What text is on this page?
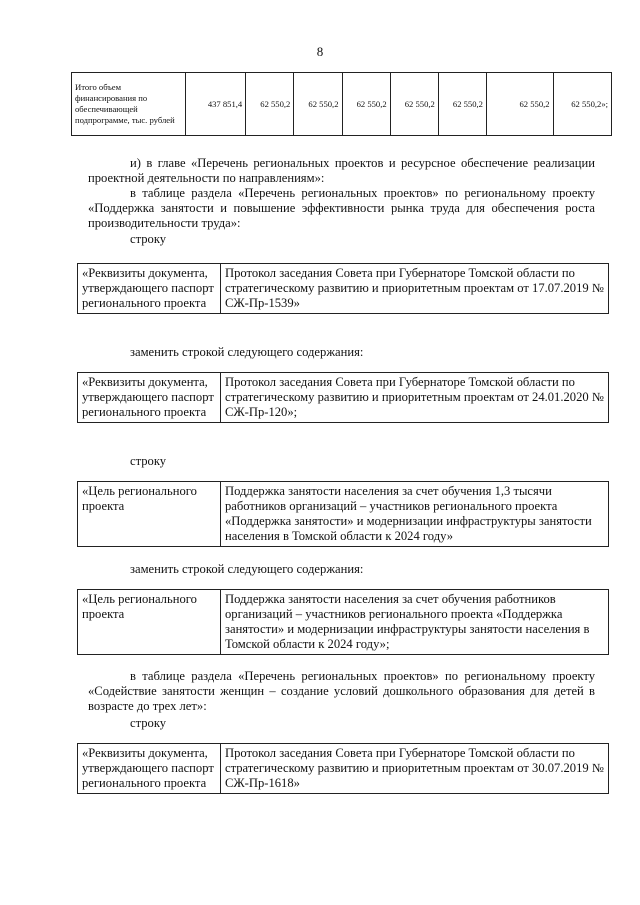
8
Итого объем финансирования по обеспечивающей подпрограмме, тыс. рублей	437 851,4	62 550,2	62 550,2	62 550,2	62 550,2	62 550,2	62 550,2	62 550,2»;
и) в главе «Перечень региональных проектов и ресурсное обеспечение реализации проектной деятельности по направлениям»:
в таблице раздела «Перечень региональных проектов» по региональному проекту «Поддержка занятости и повышение эффективности рынка труда для обеспечения роста производительности труда»:
строку
«Реквизиты документа, утверждающего паспорт регионального проекта	Протокол заседания Совета при Губернаторе Томской области по стратегическому развитию и приоритетным проектам от 17.07.2019 № СЖ-Пр-1539»
заменить строкой следующего содержания:
«Реквизиты документа, утверждающего паспорт регионального проекта	Протокол заседания Совета при Губернаторе Томской области по стратегическому развитию и приоритетным проектам от 24.01.2020 № СЖ-Пр-120»;
строку
«Цель регионального проекта	Поддержка занятости населения за счет обучения 1,3 тысячи работников организаций – участников регионального проекта «Поддержка занятости» и модернизации инфраструктуры занятости населения в Томской области к 2024 году»
заменить строкой следующего содержания:
«Цель регионального проекта	Поддержка занятости населения за счет обучения работников организаций – участников регионального проекта «Поддержка занятости» и модернизации инфраструктуры занятости населения в Томской области к 2024 году»;
в таблице раздела «Перечень региональных проектов» по региональному проекту «Содействие занятости женщин – создание условий дошкольного образования для детей в возрасте до трех лет»:
строку
«Реквизиты документа, утверждающего паспорт регионального проекта	Протокол заседания Совета при Губернаторе Томской области по стратегическому развитию и приоритетным проектам от 30.07.2019 № СЖ-Пр-1618»
